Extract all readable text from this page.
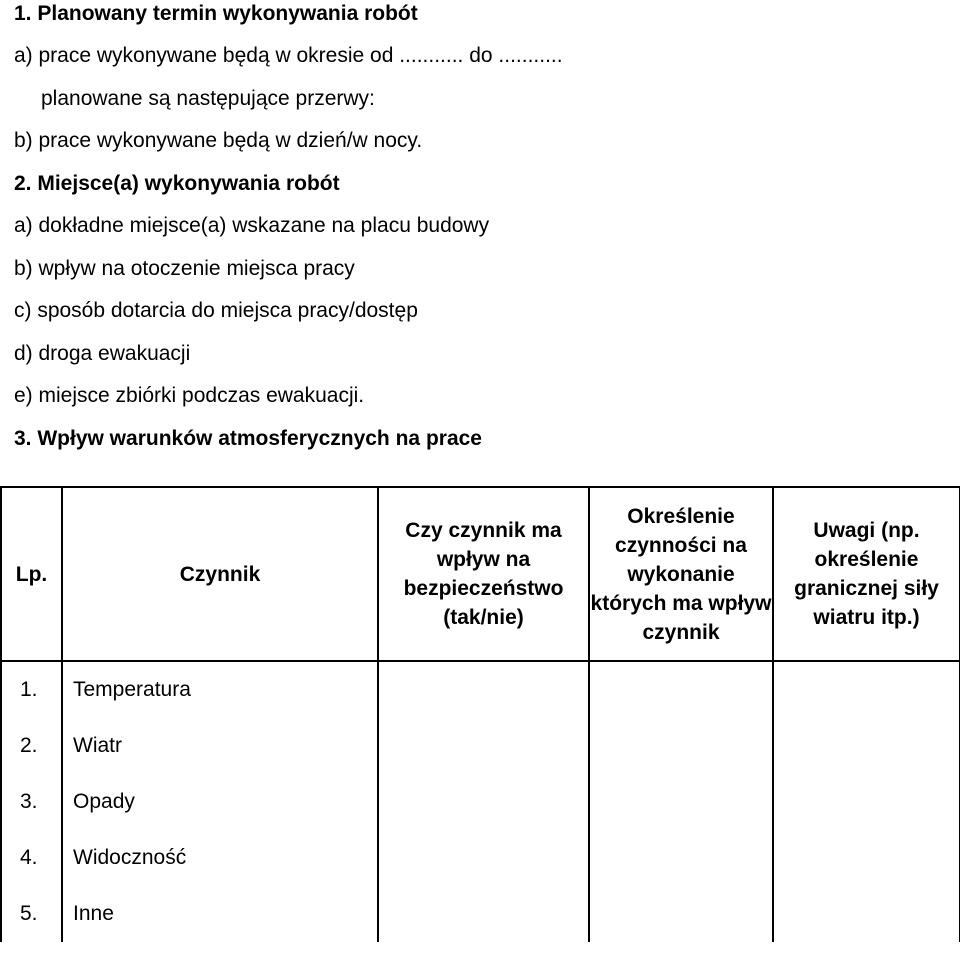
1. Planowany termin wykonywania robót
a) prace wykonywane będą w okresie od ........... do ...........
planowane są następujące przerwy:
b) prace wykonywane będą w dzień/w nocy.
2. Miejsce(a) wykonywania robót
a) dokładne miejsce(a) wskazane na placu budowy
b) wpływ na otoczenie miejsca pracy
c) sposób dotarcia do miejsca pracy/dostęp
d) droga ewakuacji
e) miejsce zbiórki podczas ewakuacji.
3. Wpływ warunków atmosferycznych na prace
Lp.	Czynnik	Czy czynnik ma wpływ na bezpieczeństwo (tak/nie)	Określenie czynności na wykonanie których ma wpływ czynnik	Uwagi (np. określenie granicznej siły wiatru itp.)
1.	Temperatura			
2.	Wiatr			
3.	Opady			
4.	Widoczność			
5.	Inne			
